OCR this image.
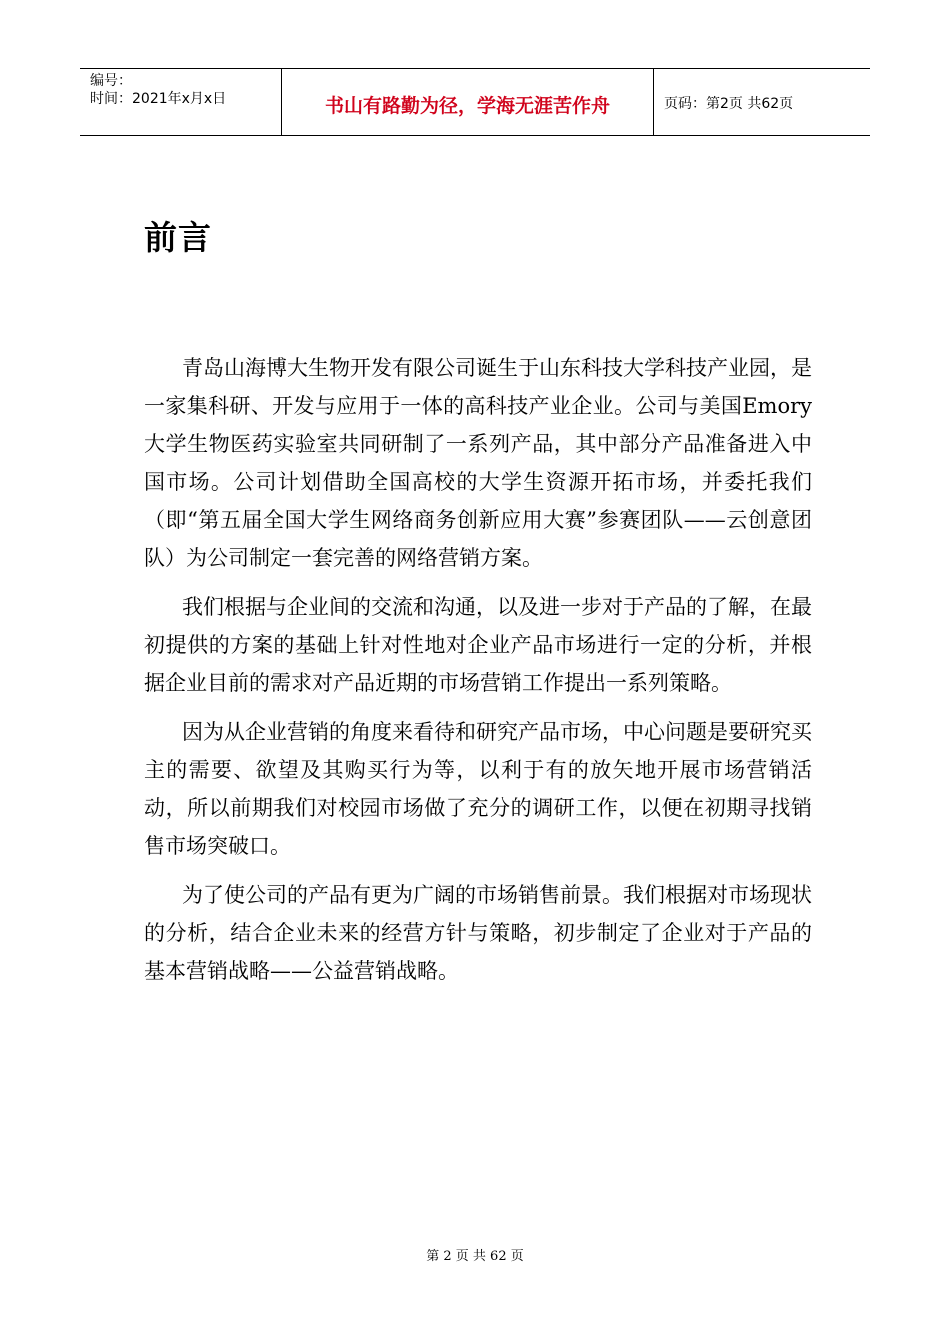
编号：
时间：2021年x月x日	书山有路勤为径，学海无涯苦作舟	页码：第2页 共62页
前言

青岛山海博大生物开发有限公司诞生于山东科技大学科技产业园，是一家集科研、开发与应用于一体的高科技产业企业。公司与美国Emory大学生物医药实验室共同研制了一系列产品，其中部分产品准备进入中国市场。公司计划借助全国高校的大学生资源开拓市场，并委托我们（即“第五届全国大学生网络商务创新应用大赛”参赛团队——云创意团队）为公司制定一套完善的网络营销方案。

我们根据与企业间的交流和沟通，以及进一步对于产品的了解，在最初提供的方案的基础上针对性地对企业产品市场进行一定的分析，并根据企业目前的需求对产品近期的市场营销工作提出一系列策略。

因为从企业营销的角度来看待和研究产品市场，中心问题是要研究买主的需要、欲望及其购买行为等，以利于有的放矢地开展市场营销活动，所以前期我们对校园市场做了充分的调研工作，以便在初期寻找销售市场突破口。

为了使公司的产品有更为广阔的市场销售前景。我们根据对市场现状的分析，结合企业未来的经营方针与策略，初步制定了企业对于产品的基本营销战略——公益营销战略。

第 2 页 共 62 页
